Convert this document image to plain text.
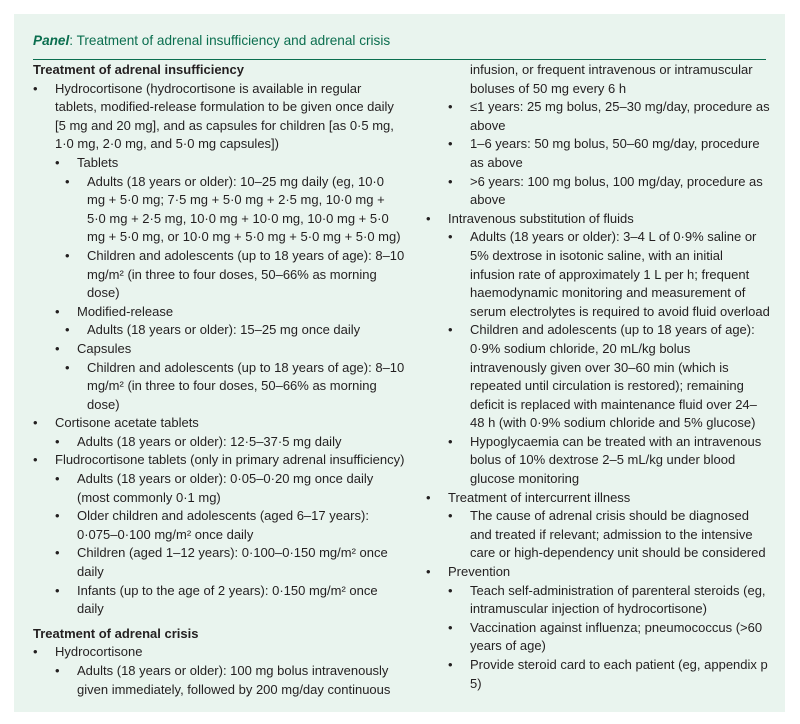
Panel: Treatment of adrenal insufficiency and adrenal crisis
Treatment of adrenal insufficiency
• Hydrocortisone (hydrocortisone is available in regular tablets, modified-release formulation to be given once daily [5 mg and 20 mg], and as capsules for children [as 0·5 mg, 1·0 mg, 2·0 mg, and 5·0 mg capsules])
• Tablets
• Adults (18 years or older): 10–25 mg daily (eg, 10·0 mg + 5·0 mg; 7·5 mg + 5·0 mg + 2·5 mg, 10·0 mg + 5·0 mg + 2·5 mg, 10·0 mg + 10·0 mg, 10·0 mg + 5·0 mg + 5·0 mg, or 10·0 mg + 5·0 mg + 5·0 mg + 5·0 mg)
• Children and adolescents (up to 18 years of age): 8–10 mg/m² (in three to four doses, 50–66% as morning dose)
• Modified-release
• Adults (18 years or older): 15–25 mg once daily
• Capsules
• Children and adolescents (up to 18 years of age): 8–10 mg/m² (in three to four doses, 50–66% as morning dose)
• Cortisone acetate tablets
• Adults (18 years or older): 12·5–37·5 mg daily
• Fludrocortisone tablets (only in primary adrenal insufficiency)
• Adults (18 years or older): 0·05–0·20 mg once daily (most commonly 0·1 mg)
• Older children and adolescents (aged 6–17 years): 0·075–0·100 mg/m² once daily
• Children (aged 1–12 years): 0·100–0·150 mg/m² once daily
• Infants (up to the age of 2 years): 0·150 mg/m² once daily
Treatment of adrenal crisis
• Hydrocortisone
• Adults (18 years or older): 100 mg bolus intravenously given immediately, followed by 200 mg/day continuous
infusion, or frequent intravenous or intramuscular boluses of 50 mg every 6 h
• ≤1 years: 25 mg bolus, 25–30 mg/day, procedure as above
• 1–6 years: 50 mg bolus, 50–60 mg/day, procedure as above
• >6 years: 100 mg bolus, 100 mg/day, procedure as above
• Intravenous substitution of fluids
• Adults (18 years or older): 3–4 L of 0·9% saline or 5% dextrose in isotonic saline, with an initial infusion rate of approximately 1 L per h; frequent haemodynamic monitoring and measurement of serum electrolytes is required to avoid fluid overload
• Children and adolescents (up to 18 years of age): 0·9% sodium chloride, 20 mL/kg bolus intravenously given over 30–60 min (which is repeated until circulation is restored); remaining deficit is replaced with maintenance fluid over 24–48 h (with 0·9% sodium chloride and 5% glucose)
• Hypoglycaemia can be treated with an intravenous bolus of 10% dextrose 2–5 mL/kg under blood glucose monitoring
• Treatment of intercurrent illness
• The cause of adrenal crisis should be diagnosed and treated if relevant; admission to the intensive care or high-dependency unit should be considered
• Prevention
• Teach self-administration of parenteral steroids (eg, intramuscular injection of hydrocortisone)
• Vaccination against influenza; pneumococcus (>60 years of age)
• Provide steroid card to each patient (eg, appendix p 5)
